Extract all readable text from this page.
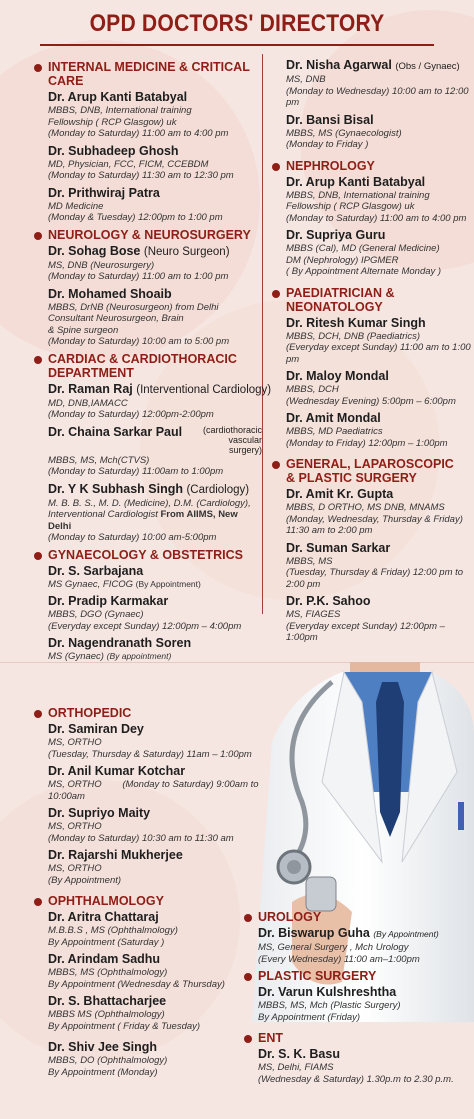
OPD DOCTORS' DIRECTORY
INTERNAL MEDICINE & CRITICAL CARE
Dr. Arup Kanti Batabyal
MBBS, DNB, International training
Fellowship ( RCP Glasgow) uk
(Monday to Saturday) 11:00 am to 4:00 pm
Dr. Subhadeep Ghosh
MD, Physician, FCC, FICM, CCEBDM
(Monday to Saturday) 11:30 am to 12:30 pm
Dr. Prithwiraj Patra
MD Medicine
(Monday & Tuesday) 12:00pm to 1:00 pm
NEUROLOGY & NEUROSURGERY
Dr. Sohag Bose (Neuro Surgeon)
MS, DNB (Neurosurgery)
(Monday to Saturday) 11:00 am to 1:00 pm
Dr. Mohamed Shoaib
MBBS, DrNB (Neurosurgeon) from Delhi
Consultant Neurosurgeon, Brain
& Spine surgeon
(Monday to Saturday) 10:00 am to 5:00 pm
CARDIAC & CARDIOTHORACIC
DEPARTMENT
Dr. Raman Raj (Interventional Cardiology)
MD, DNB,IAMACC
(Monday to Saturday) 12:00pm-2:00pm
Dr. Chaina Sarkar Paul	(cardiothoracic vascular
surgery)
MBBS, MS, Mch(CTVS)
(Monday to Saturday) 11:00am to 1:00pm
Dr. Y K Subhash Singh (Cardiology)
M. B. B. S., M. D. (Medicine), D.M. (Cardiology),
Interventional Cardiologist From AIIMS, New Delhi
(Monday to Saturday) 10:00 am-5:00pm
GYNAECOLOGY & OBSTETRICS
Dr. S. Sarbajana
MS Gynaec, FICOG (By Appointment)
Dr. Pradip Karmakar
MBBS, DGO (Gynaec)
(Everyday except Sunday) 12:00pm – 4:00pm
Dr. Nagendranath Soren
MS (Gynaec) (By appointment)
Dr. Nisha Agarwal (Obs / Gynaec)
MS, DNB
(Monday to Wednesday) 10:00 am to 12:00 pm
Dr. Bansi Bisal
MBBS, MS (Gynaecologist)
(Monday to Friday )
NEPHROLOGY
Dr. Arup Kanti Batabyal
MBBS, DNB, International training
Fellowship ( RCP Glasgow) uk
(Monday to Saturday) 11:00 am to 4:00 pm
Dr. Supriya Guru
MBBS (Cal), MD (General Medicine)
DM (Nephrology) IPGMER
( By Appointment Alternate Monday )
PAEDIATRICIAN & NEONATOLOGY
Dr. Ritesh Kumar Singh
MBBS, DCH, DNB (Paediatrics)
(Everyday except Sunday) 11:00 am to 1:00 pm
Dr. Maloy Mondal
MBBS, DCH
(Wednesday Evening) 5:00pm – 6:00pm
Dr. Amit Mondal
MBBS, MD Paediatrics
(Monday to Friday) 12:00pm – 1:00pm
GENERAL, LAPAROSCOPIC
& PLASTIC SURGERY
Dr. Amit Kr. Gupta
MBBS, D ORTHO, MS DNB, MNAMS
(Monday, Wednesday, Thursday & Friday)
11:30 am to 2:00 pm
Dr. Suman Sarkar
MBBS, MS
(Tuesday, Thursday & Friday) 12:00 pm to 2:00 pm
Dr. P.K. Sahoo
MS, FIAGES
(Everyday except Sunday) 12:00pm – 1:00pm
ORTHOPEDIC
Dr. Samiran Dey
MS, ORTHO
(Tuesday, Thursday & Saturday) 11am – 1:00pm
Dr. Anil Kumar Kotchar
MS, ORTHO (Monday to Saturday) 9:00am to 10:00am
Dr. Supriyo Maity
MS, ORTHO
(Monday to Saturday) 10:30 am to 11:30 am
Dr. Rajarshi Mukherjee
MS, ORTHO
(By Appointment)
OPHTHALMOLOGY
Dr. Aritra Chattaraj
M.B.B.S , MS (Ophthalmology)
By Appointment (Saturday )
Dr. Arindam Sadhu
MBBS, MS (Ophthalmology)
By Appointment (Wednesday & Thursday)
Dr. S. Bhattacharjee
MBBS MS (Ophthalmology)
By Appointment ( Friday & Tuesday)
Dr. Shiv Jee Singh
MBBS, DO (Ophthalmology)
By Appointment (Monday)
UROLOGY
Dr. Biswarup Guha (By Appointment)
MS, General Surgery , Mch Urology
(Every Wednesday) 11:00 am–1:00pm
PLASTIC SURGERY
Dr. Varun Kulshreshtha
MBBS, MS, Mch (Plastic Surgery)
By Appointment (Friday)
ENT
Dr. S. K. Basu
MS, Delhi, FIAMS
(Wednesday & Saturday) 1.30p.m to 2.30 p.m.
